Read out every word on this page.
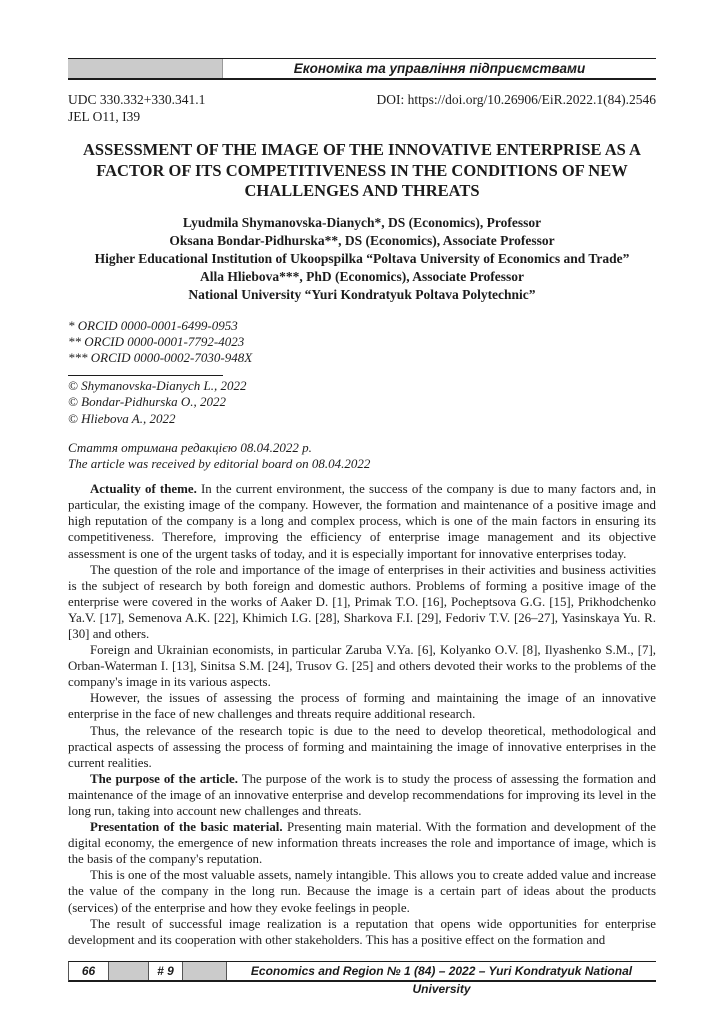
Економіка та управління підприємствами
UDC 330.332+330.341.1	DOI: https://doi.org/10.26906/EiR.2022.1(84).2546
JEL O11, I39
ASSESSMENT OF THE IMAGE OF THE INNOVATIVE ENTERPRISE AS A FACTOR OF ITS COMPETITIVENESS IN THE CONDITIONS OF NEW CHALLENGES AND THREATS
Lyudmila Shymanovska-Dianych*, DS (Economics), Professor
Oksana Bondar-Pidhurska**, DS (Economics), Associate Professor
Higher Educational Institution of Ukoopspilka “Poltava University of Economics and Trade”
Alla Hliebova***, PhD (Economics), Associate Professor
National University “Yuri Kondratyuk Poltava Polytechnic”
* ORCID 0000-0001-6499-0953
** ORCID 0000-0001-7792-4023
*** ORCID 0000-0002-7030-948X
© Shymanovska-Dianych L., 2022
© Bondar-Pidhurska O., 2022
© Hliebova A., 2022
Стаття отримана редакцією 08.04.2022 р.
The article was received by editorial board on 08.04.2022

Actuality of theme. In the current environment, the success of the company is due to many factors and, in particular, the existing image of the company. However, the formation and maintenance of a positive image and high reputation of the company is a long and complex process, which is one of the main factors in ensuring its competitiveness. Therefore, improving the efficiency of enterprise image management and its objective assessment is one of the urgent tasks of today, and it is especially important for innovative enterprises today.

The question of the role and importance of the image of enterprises in their activities and business activities is the subject of research by both foreign and domestic authors. Problems of forming a positive image of the enterprise were covered in the works of Aaker D. [1], Primak T.O. [16], Pocheptsova G.G. [15], Prikhodchenko Ya.V. [17], Semenova A.K. [22], Khimich I.G. [28], Sharkova F.I. [29], Fedoriv T.V. [26–27], Yasinskaya Yu. R. [30] and others.

Foreign and Ukrainian economists, in particular Zaruba V.Ya. [6], Kolyanko O.V. [8], Ilyashenko S.M., [7], Orban-Waterman I. [13], Sinitsa S.M. [24], Trusov G. [25] and others devoted their works to the problems of the company's image in its various aspects.

However, the issues of assessing the process of forming and maintaining the image of an innovative enterprise in the face of new challenges and threats require additional research.

Thus, the relevance of the research topic is due to the need to develop theoretical, methodological and practical aspects of assessing the process of forming and maintaining the image of innovative enterprises in the current realities.

The purpose of the article. The purpose of the work is to study the process of assessing the formation and maintenance of the image of an innovative enterprise and develop recommendations for improving its level in the long run, taking into account new challenges and threats.

Presentation of the basic material. Presenting main material. With the formation and development of the digital economy, the emergence of new information threats increases the role and importance of image, which is the basis of the company's reputation.

This is one of the most valuable assets, namely intangible. This allows you to create added value and increase the value of the company in the long run. Because the image is a certain part of ideas about the products (services) of the enterprise and how they evoke feelings in people.

The result of successful image realization is a reputation that opens wide opportunities for enterprise development and its cooperation with other stakeholders. This has a positive effect on the formation and

66	# 9	Economics and Region № 1 (84) – 2022 – Yuri Kondratyuk National University
